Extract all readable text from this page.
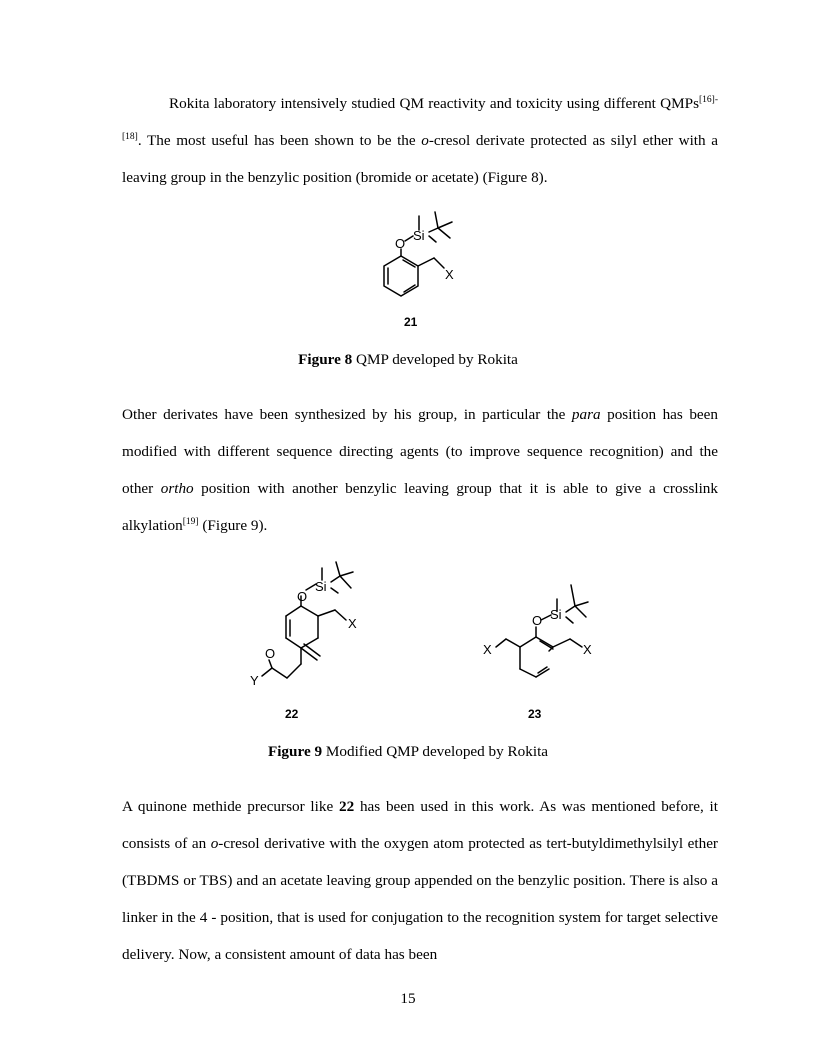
Rokita laboratory intensively studied QM reactivity and toxicity using different QMPs[16]-[18]. The most useful has been shown to be the o-cresol derivate protected as silyl ether with a leaving group in the benzylic position (bromide or acetate) (Figure 8).

O
Si
X
21

Figure 8 QMP developed by Rokita

Other derivates have been synthesized by his group, in particular the para position has been modified with different sequence directing agents (to improve sequence recognition) and the other ortho position with another benzylic leaving group that it is able to give a crosslink alkylation[19] (Figure 9).

O
Si
X
O
Y
22
O Si
X	X
23

Figure 9 Modified QMP developed by Rokita

A quinone methide precursor like 22 has been used in this work. As was mentioned before, it consists of an o-cresol derivative with the oxygen atom protected as tert-butyldimethylsilyl ether (TBDMS or TBS) and an acetate leaving group appended on the benzylic position. There is also a linker in the 4 - position, that is used for conjugation to the recognition system for target selective delivery. Now, a consistent amount of data has been

15
